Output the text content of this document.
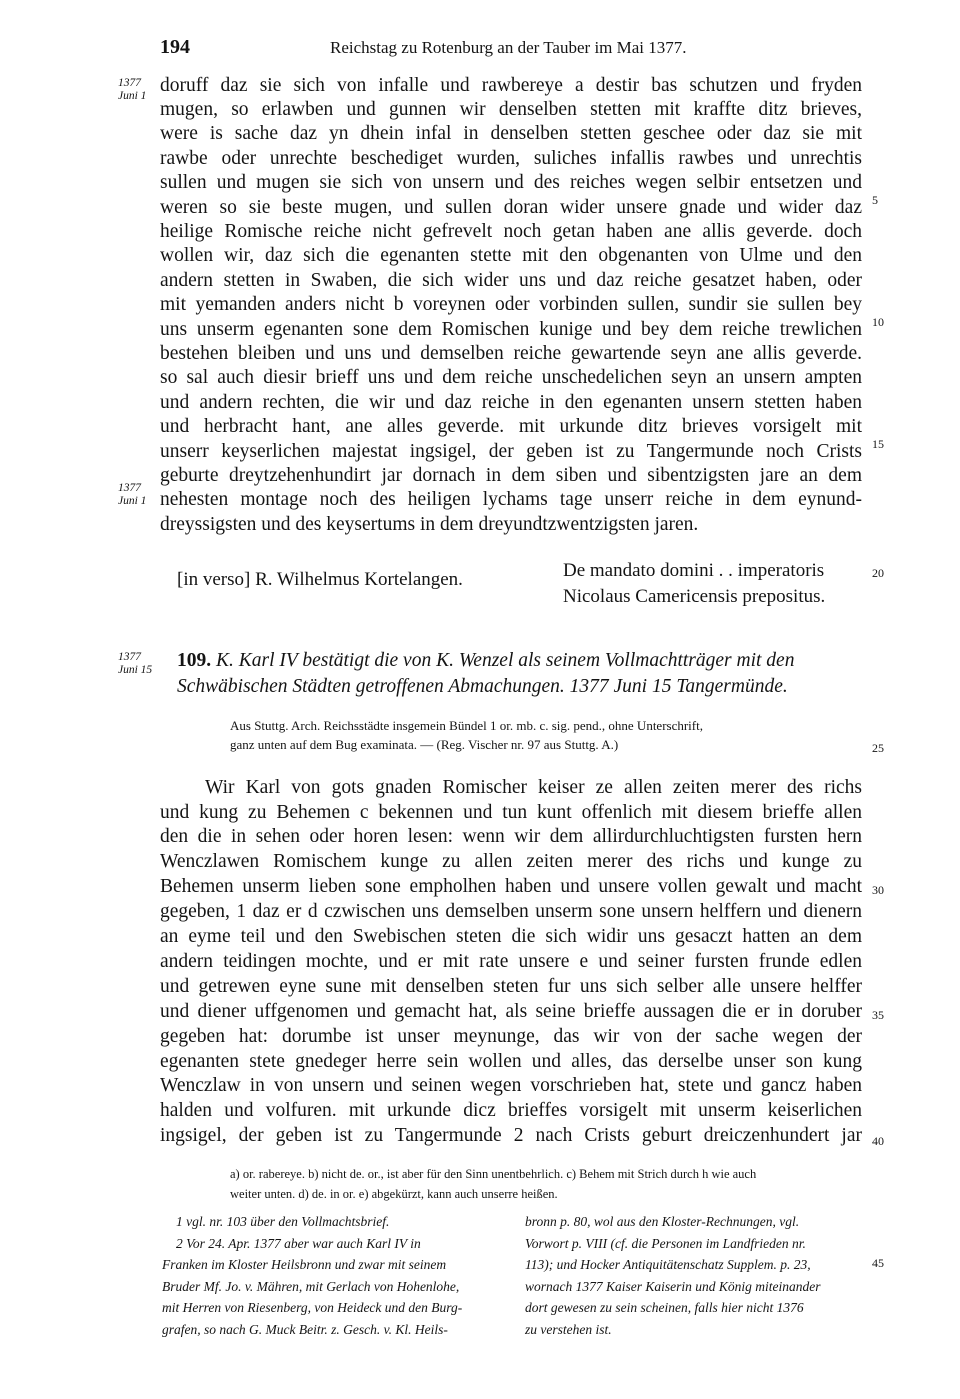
194	Reichstag zu Rotenburg an der Tauber im Mai 1377.
1377
Juni 1 doruff daz sie sich von infalle und rawbereye a destir bas schutzen und fryden
mugen, so erlawben und gunnen wir denselben stetten mit kraffte ditz brieves,
were is sache daz yn dhein infal in denselben stetten geschee oder daz sie mit
rawbe oder unrechte beschediget wurden, suliches infallis rawbes und unrechtis
sullen und mugen sie sich von unsern und des reiches wegen selbir entsetzen und
weren so sie beste mugen, und sullen doran wider unsere gnade und wider daz
heilige Romische reiche nicht gefrevelt noch getan haben ane allis geverde. doch
wollen wir, daz sich die egenanten stette mit den obgenanten von Ulme und den
andern stetten in Swaben, die sich wider uns und daz reiche gesatzet haben, oder
mit yemanden anders nicht b voreynen oder vorbinden sullen, sundir sie sullen bey
uns unserm egenanten sone dem Romischen kunige und bey dem reiche trewlichen
bestehen bleiben und uns und demselben reiche gewartende seyn ane allis geverde.
so sal auch diesir brieff uns und dem reiche unschedelichen seyn an unsern ampten
und andern rechten, die wir und daz reiche in den egenanten unsern stetten haben
und herbracht hant, ane alles geverde. mit urkunde ditz brieves vorsigelt mit
unserr keyserlichen majestat ingsigel, der geben ist zu Tangermunde noch Crists
geburte dreytzehenhundirt jar dornach in dem siben und sibentzigsten jare an dem
nehesten montage noch des heiligen lychams tage unserr reiche in dem eynund-
dreyssigsten und des keysertums in dem dreyundtzwentzigsten jaren.
1377
Juni 1
[in verso] R. Wilhelmus Kortelangen.	De mandato domini . . imperatoris
Nicolaus Camericensis prepositus.
5
10
15
20
25
30
35
40
45
1377
Juni 15 109. K. Karl IV bestätigt die von K. Wenzel als seinem Vollmachtträger mit den
Schwäbischen Städten getroffenen Abmachungen. 1377 Juni 15 Tangermünde.
Aus Stuttg. Arch. Reichsstädte insgemein Bündel 1 or. mb. c. sig. pend., ohne Unterschrift,
ganz unten auf dem Bug examinata. — (Reg. Vischer nr. 97 aus Stuttg. A.)
Wir Karl von gots gnaden Romischer keiser ze allen zeiten merer des richs
und kung zu Behemen c bekennen und tun kunt offenlich mit diesem brieffe allen
den die in sehen oder horen lesen: wenn wir dem allirdurchluchtigsten fursten hern
Wenczlawen Romischem kunge zu allen zeiten merer des richs und kunge zu
Behemen unserm lieben sone empholhen haben und unsere vollen gewalt und macht
gegeben, 1 daz er d czwischen uns demselben unserm sone unsern helffern und dienern
an eyme teil und den Swebischen steten die sich widir uns gesaczt hatten an dem
andern teidingen mochte, und er mit rate unsere e und seiner fursten frunde edlen
und getrewen eyne sune mit denselben steten fur uns sich selber alle unsere helffer
und diener uffgenomen und gemacht hat, als seine brieffe aussagen die er in doruber
gegeben hat: dorumbe ist unser meynunge, das wir von der sache wegen der
egenanten stete gnedeger herre sein wollen und alles, das derselbe unser son kung
Wenczlaw in von unsern und seinen wegen vorschrieben hat, stete und gancz haben
halden und volfuren. mit urkunde dicz brieffes vorsigelt mit unserm keiserlichen
ingsigel, der geben ist zu Tangermunde 2 nach Crists geburt dreiczenhundert jar
a) or. rabereye. b) nicht de. or., ist aber für den Sinn unentbehrlich. c) Behem mit Strich durch h wie auch
weiter unten. d) de. in or. e) abgekürzt, kann auch unserre heißen.
1 vgl. nr. 103 über den Vollmachtsbrief.
2 Vor 24. Apr. 1377 aber war auch Karl IV in
Franken im Kloster Heilsbronn und zwar mit seinem
Bruder Mf. Jo. v. Mähren, mit Gerlach von Hohenlohe,
mit Herren von Riesenberg, von Heideck und den Burg-
grafen, so nach G. Muck Beitr. z. Gesch. v. Kl. Heils-
bronn p. 80, wol aus den Kloster-Rechnungen, vgl.
Vorwort p. VIII (cf. die Personen im Landfrieden nr.
113); und Hocker Antiquitätenschatz Supplem. p. 23,
wornach 1377 Kaiser Kaiserin und König miteinander
dort gewesen zu sein scheinen, falls hier nicht 1376
zu verstehen ist.
